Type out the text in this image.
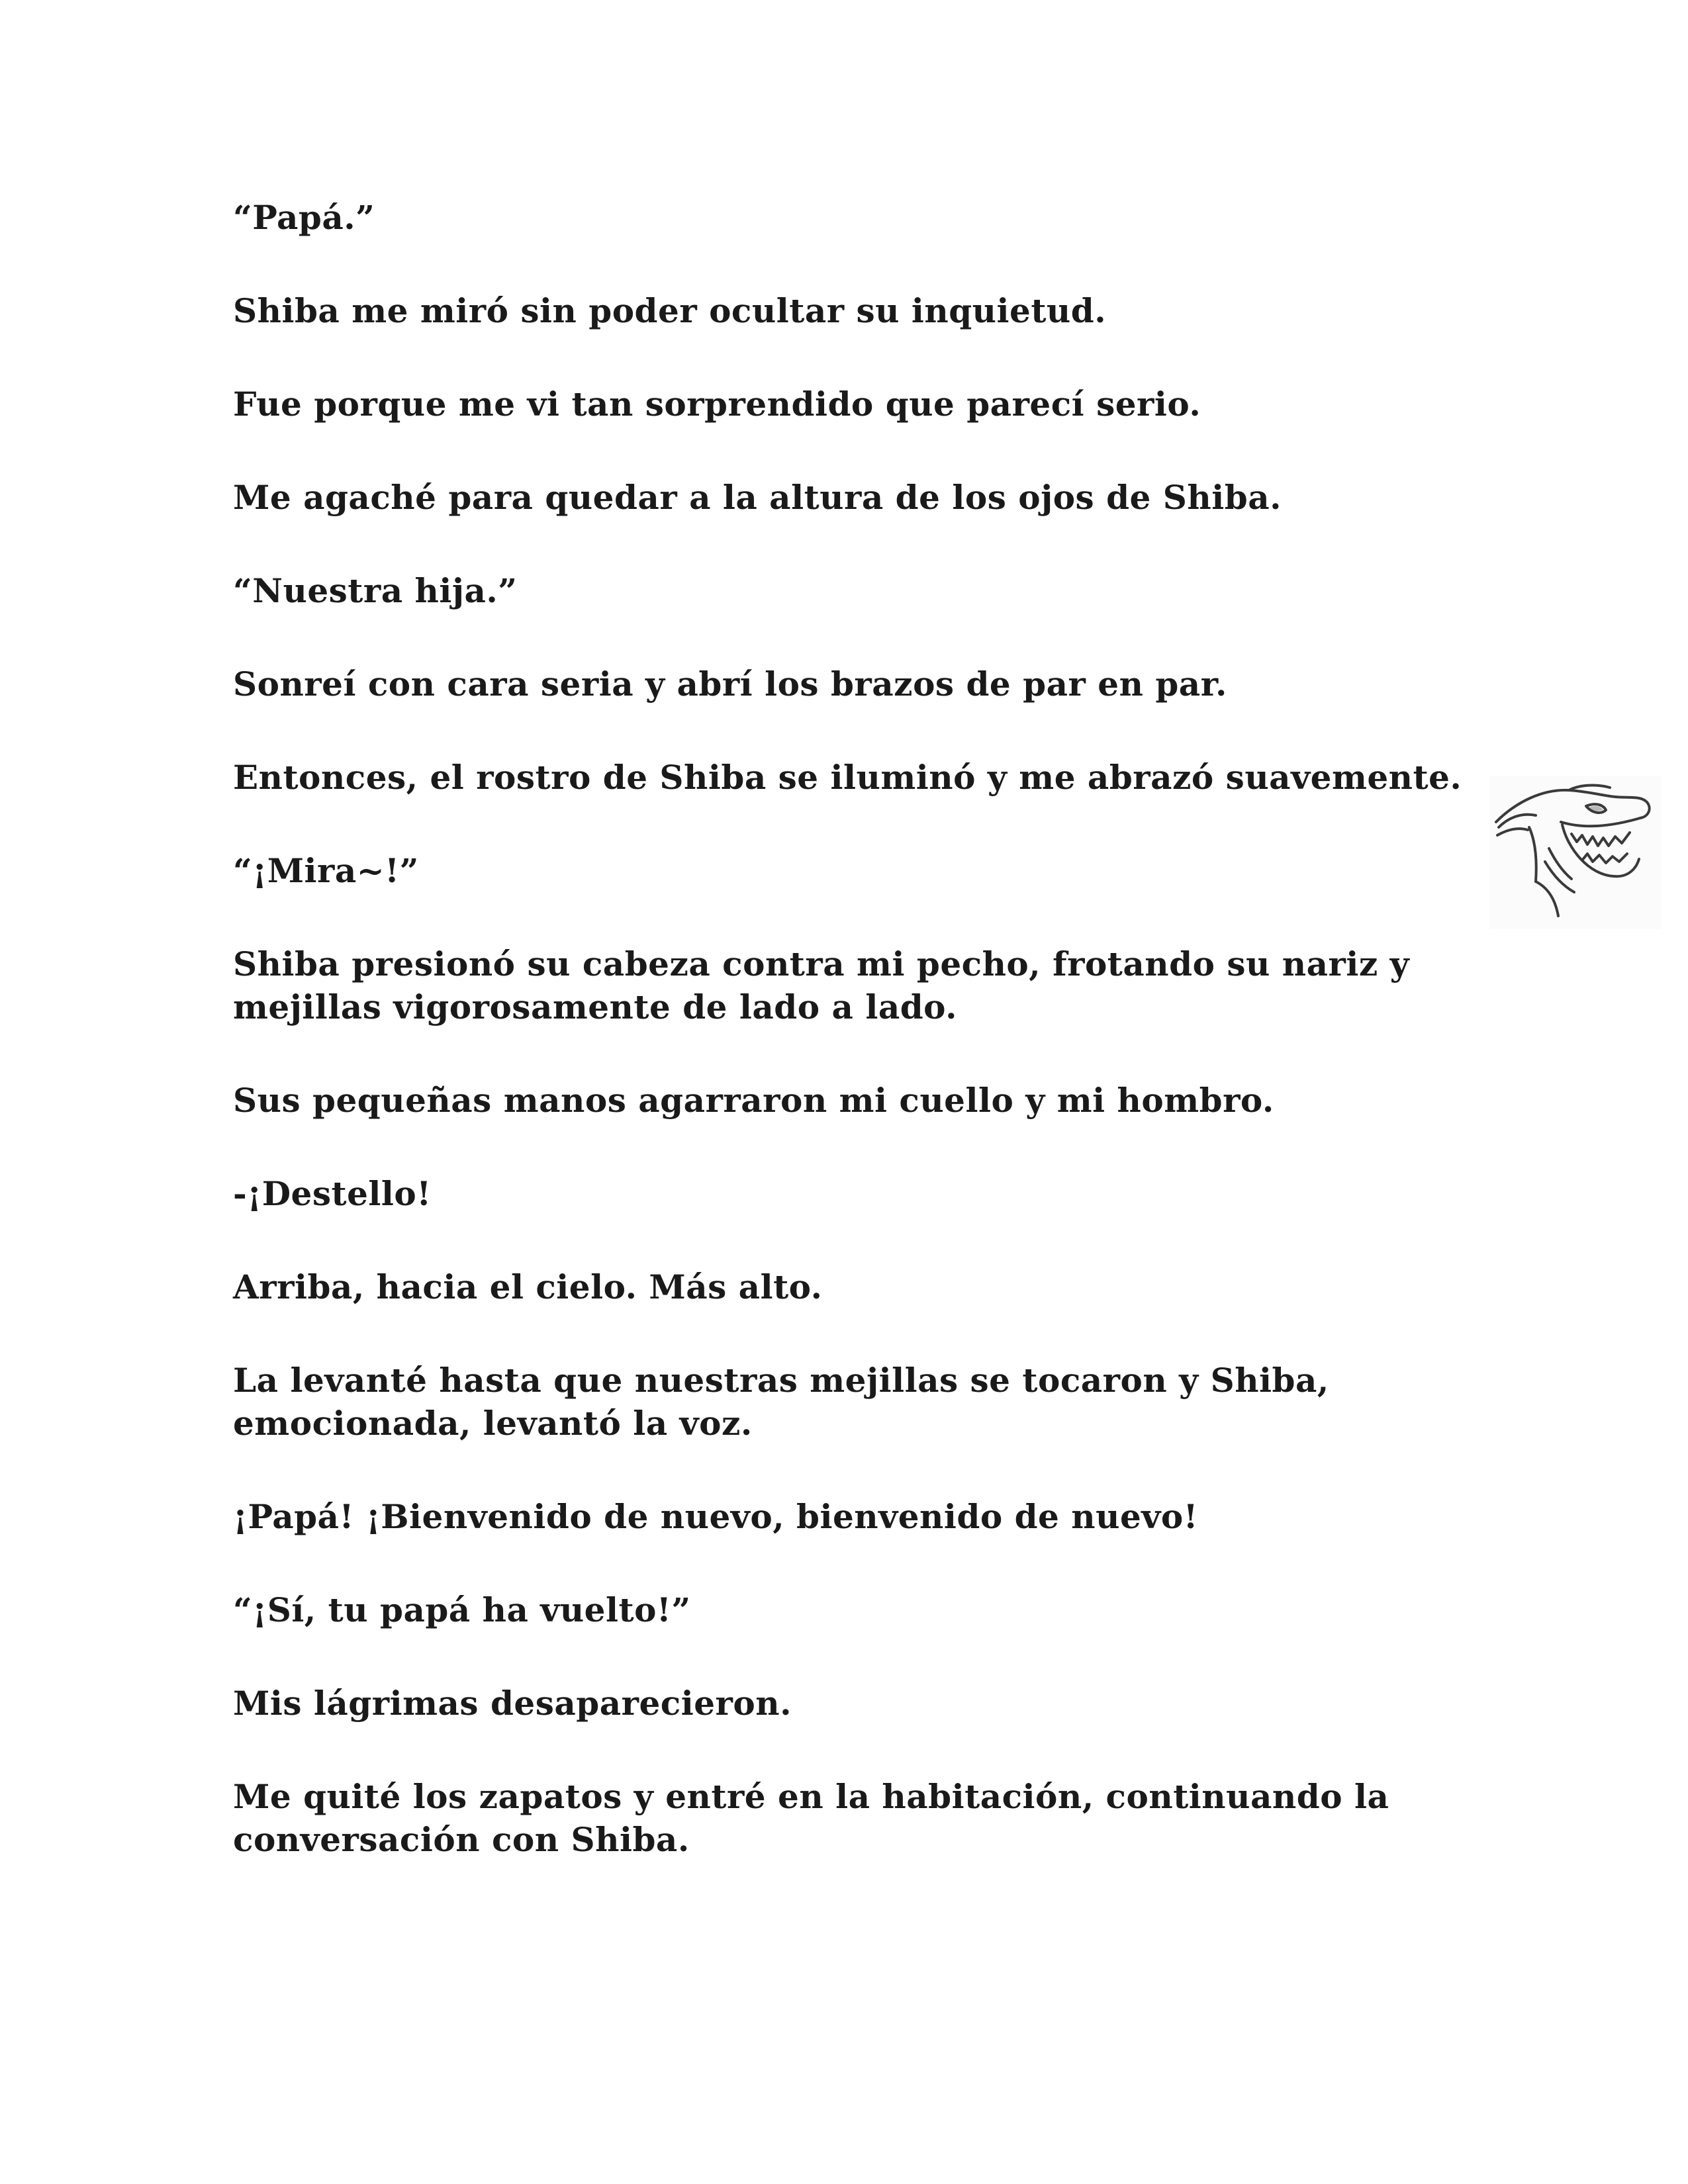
“Papá.”

Shiba me miró sin poder ocultar su inquietud.

Fue porque me vi tan sorprendido que parecí serio.

Me agaché para quedar a la altura de los ojos de Shiba.

“Nuestra hija.”

Sonreí con cara seria y abrí los brazos de par en par.

Entonces, el rostro de Shiba se iluminó y me abrazó suavemente.

“¡Mira~!”

Shiba presionó su cabeza contra mi pecho, frotando su nariz y mejillas vigorosamente de lado a lado.

Sus pequeñas manos agarraron mi cuello y mi hombro.

-¡Destello!

Arriba, hacia el cielo. Más alto.

La levanté hasta que nuestras mejillas se tocaron y Shiba, emocionada, levantó la voz.

¡Papá! ¡Bienvenido de nuevo, bienvenido de nuevo!

“¡Sí, tu papá ha vuelto!”

Mis lágrimas desaparecieron.

Me quité los zapatos y entré en la habitación, continuando la conversación con Shiba.
